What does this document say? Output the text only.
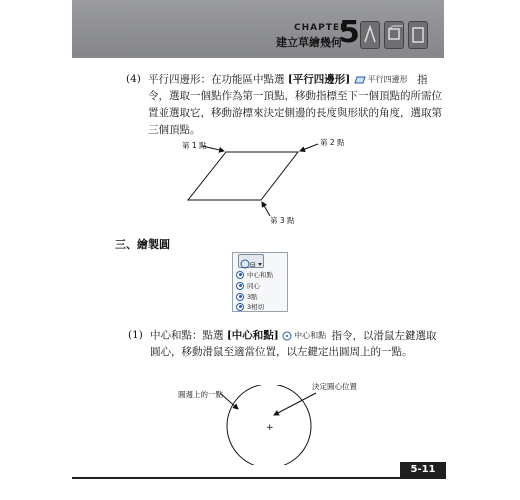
CHAPTER
建立草繪幾何
5
(4) 平行四邊形：在功能區中點選 [平行四邊形] 平行四邊形 指
令，選取一個點作為第一頂點，移動指標至下一個頂點的所需位
置並選取它，移動游標來決定側邊的長度與形狀的角度，選取第
三個頂點。
第 1 點	第 2 點
第 3 點
三、繪製圓
⊟
中心和點
同心
3點
3相切
(1) 中心和點：點選 [中心和點] 中心和點 指令，以滑鼠左鍵選取
圓心，移動滑鼠至適當位置，以左鍵定出圓周上的一點。
+
圓週上的一點
決定圓心位置
5-11
